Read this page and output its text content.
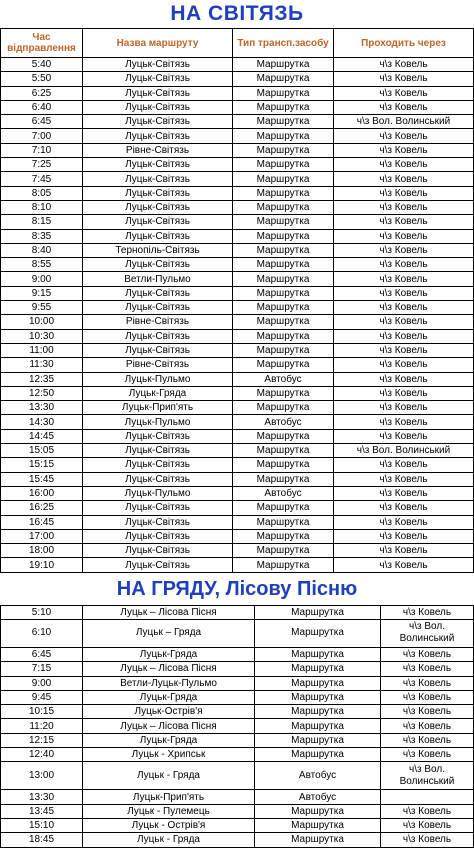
НА СВІТЯЗЬ
Час відправлення	Назва маршруту	Тип трансп.засобу	Проходить через
5:40	Луцьк-Світязь	Маршрутка	ч\з Ковель
5:50	Луцьк-Світязь	Маршрутка	ч\з Ковель
6:25	Луцьк-Світязь	Маршрутка	ч\з Ковель
6:40	Луцьк-Світязь	Маршрутка	ч\з Ковель
6:45	Луцьк-Світязь	Маршрутка	ч\з Вол. Волинський
7:00	Луцьк-Світязь	Маршрутка	ч\з Ковель
7:10	Рівне-Світязь	Маршрутка	ч\з Ковель
7:25	Луцьк-Світязь	Маршрутка	ч\з Ковель
7:45	Луцьк-Світязь	Маршрутка	ч\з Ковель
8:05	Луцьк-Світязь	Маршрутка	ч\з Ковель
8:10	Луцьк-Світязь	Маршрутка	ч\з Ковель
8:15	Луцьк-Світязь	Маршрутка	ч\з Ковель
8:35	Луцьк-Світязь	Маршрутка	ч\з Ковель
8:40	Тернопіль-Світязь	Маршрутка	ч\з Ковель
8:55	Луцьк-Світязь	Маршрутка	ч\з Ковель
9:00	Ветли-Пульмо	Маршрутка	ч\з Ковель
9:15	Луцьк-Світязь	Маршрутка	ч\з Ковель
9:55	Луцьк-Світязь	Маршрутка	ч\з Ковель
10:00	Рівне-Світязь	Маршрутка	ч\з Ковель
10:30	Луцьк-Світязь	Маршрутка	ч\з Ковель
11:00	Луцьк-Світязь	Маршрутка	ч\з Ковель
11:30	Рівне-Світязь	Маршрутка	ч\з Ковель
12:35	Луцьк-Пульмо	Автобус	ч\з Ковель
12:50	Луцьк-Гряда	Маршрутка	ч\з Ковель
13:30	Луцьк-Прип'ять	Маршрутка	ч\з Ковель
14:30	Луцьк-Пульмо	Автобус	ч\з Ковель
14:45	Луцьк-Світязь	Маршрутка	ч\з Ковель
15:05	Луцьк-Світязь	Маршрутка	ч\з Вол. Волинський
15:15	Луцьк-Світязь	Маршрутка	ч\з Ковель
15:45	Луцьк-Світязь	Маршрутка	ч\з Ковель
16:00	Луцьк-Пульмо	Автобус	ч\з Ковель
16:25	Луцьк-Світязь	Маршрутка	ч\з Ковель
16:45	Луцьк-Світязь	Маршрутка	ч\з Ковель
17:00	Луцьк-Світязь	Маршрутка	ч\з Ковель
18:00	Луцьк-Світязь	Маршрутка	ч\з Ковель
19:10	Луцьк-Світязь	Маршрутка	ч\з Ковель
НА ГРЯДУ, Лісову Пісню
5:10	Луцьк – Лісова Пісня	Маршрутка	ч\з Ковель
6:10	Луцьк – Гряда	Маршрутка	ч\з Вол. Волинський
6:45	Луцьк-Гряда	Маршрутка	ч\з Ковель
7:15	Луцьк – Лісова Пісня	Маршрутка	ч\з Ковель
9:00	Ветли-Луцьк-Пульмо	Маршрутка	ч\з Ковель
9:45	Луцьк-Гряда	Маршрутка	ч\з Ковель
10:15	Луцьк-Острів'я	Маршрутка	ч\з Ковель
11:20	Луцьк – Лісова Пісня	Маршрутка	ч\з Ковель
12:15	Луцьк-Гряда	Маршрутка	ч\з Ковель
12:40	Луцьк - Хрипськ	Маршрутка	ч\з Ковель
13:00	Луцьк - Гряда	Автобус	ч\з Вол. Волинський
13:30	Луцьк-Прип'ять	Автобус	
13:45	Луцьк - Пулемець	Маршрутка	ч\з Ковель
15:10	Луцьк - Острів'я	Маршрутка	ч\з Ковель
18:45	Луцьк - Гряда	Маршрутка	ч\з Ковель
